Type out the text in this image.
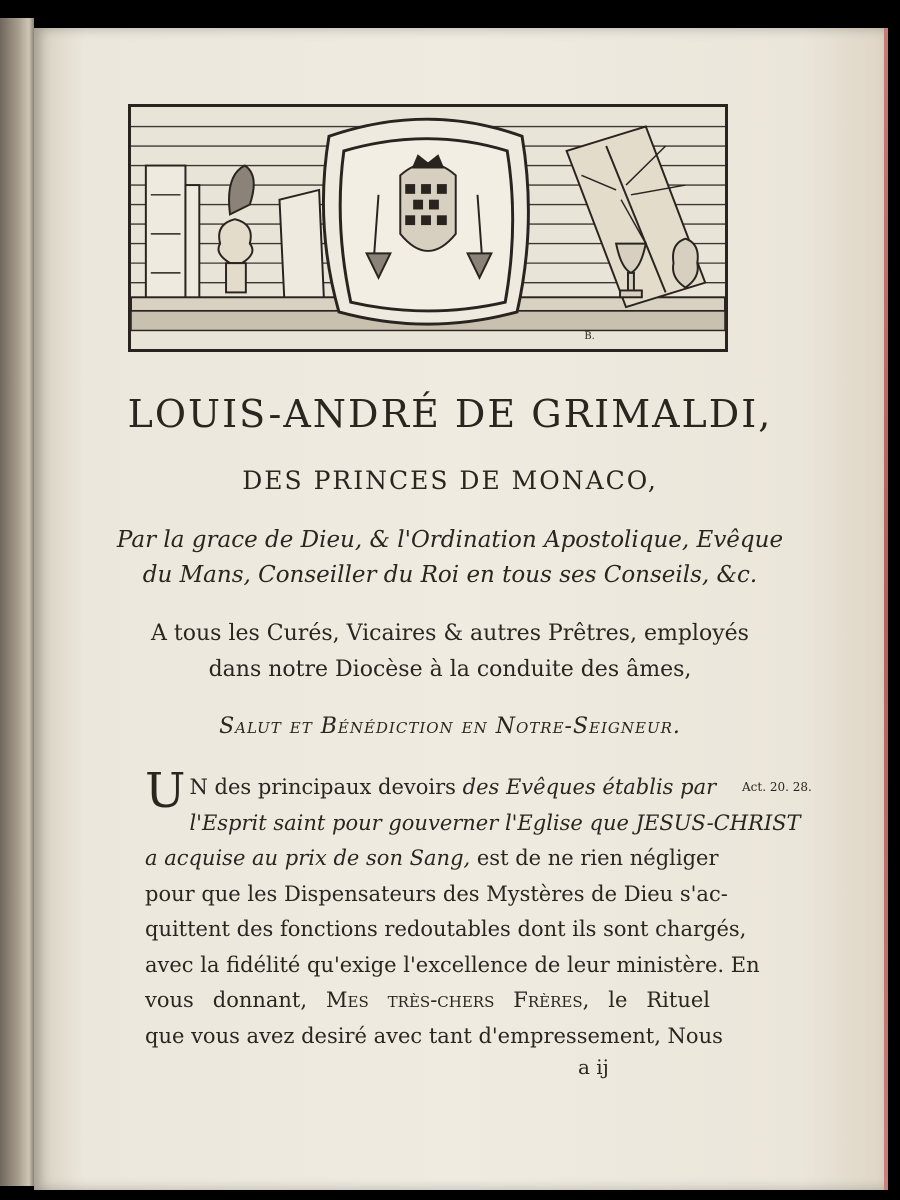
B.
LOUIS-ANDRÉ DE GRIMALDI,
DES PRINCES DE MONACO,
Par la grace de Dieu, & l'Ordination Apostolique, Evêque
du Mans, Conseiller du Roi en tous ses Conseils, &c.
A tous les Curés, Vicaires & autres Prêtres, employés
dans notre Diocèse à la conduite des âmes,
Salut et Bénédiction en Notre-Seigneur.
U N des principaux devoirs des Evêques établis par
l'Esprit saint pour gouverner l'Eglise que JESUS-CHRIST
a acquise au prix de son Sang, est de ne rien négliger
pour que les Dispensateurs des Mystères de Dieu s'ac-
quittent des fonctions redoutables dont ils sont chargés,
avec la fidélité qu'exige l'excellence de leur ministère. En
vous donnant, Mes très-chers Frères, le Rituel
que vous avez desiré avec tant d'empressement, Nous
Act. 20. 28.
a ij
